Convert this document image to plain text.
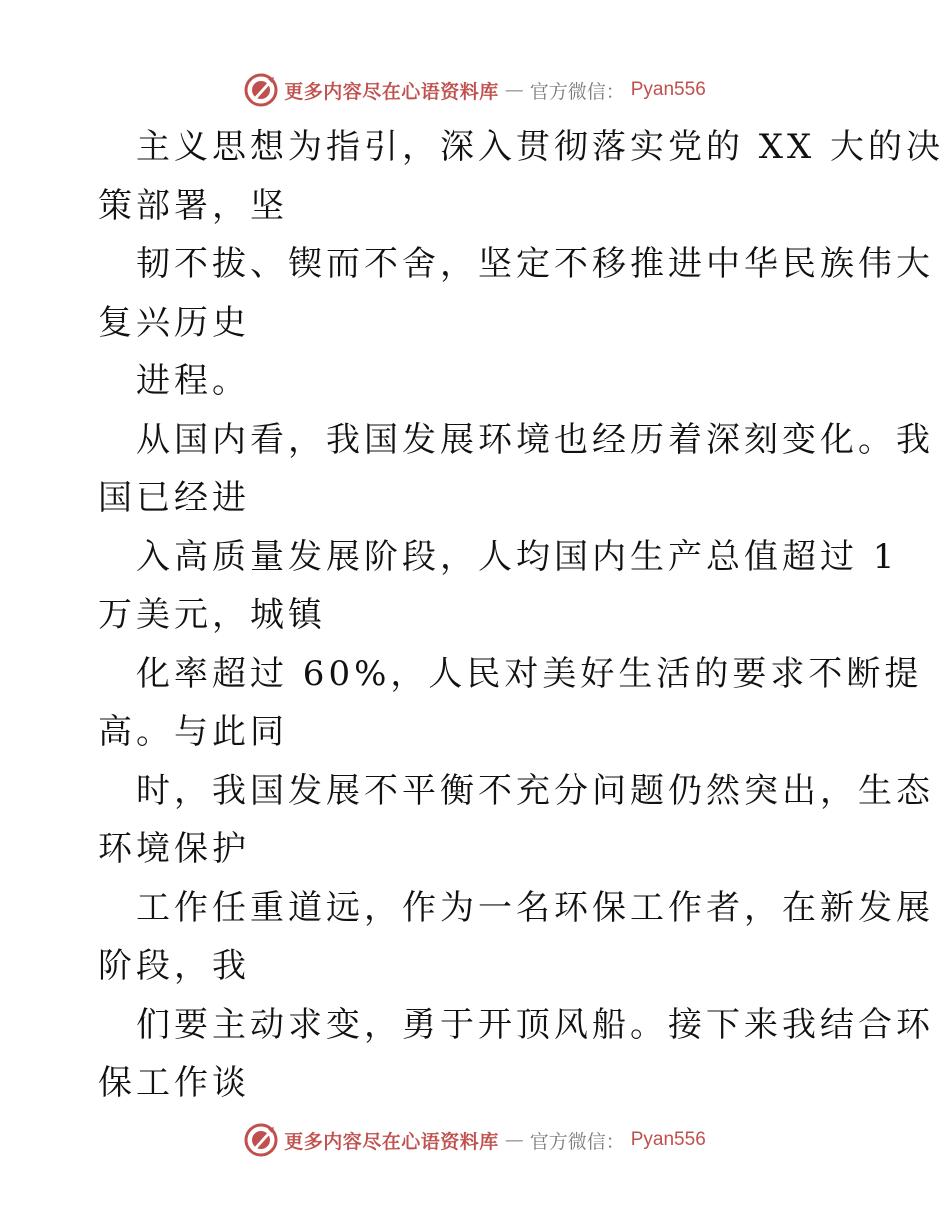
更多内容尽在心语资料库 — 官方微信： Pyan556
主义思想为指引，深入贯彻落实党的 XX 大的决
策部署，坚
韧不拔、锲而不舍，坚定不移推进中华民族伟大
复兴历史
进程。
从国内看，我国发展环境也经历着深刻变化。我
国已经进
入高质量发展阶段，人均国内生产总值超过 1
万美元，城镇
化率超过 60%，人民对美好生活的要求不断提
高。与此同
时，我国发展不平衡不充分问题仍然突出，生态
环境保护
工作任重道远，作为一名环保工作者，在新发展
阶段，我
们要主动求变，勇于开顶风船。接下来我结合环
保工作谈
更多内容尽在心语资料库 — 官方微信： Pyan556
